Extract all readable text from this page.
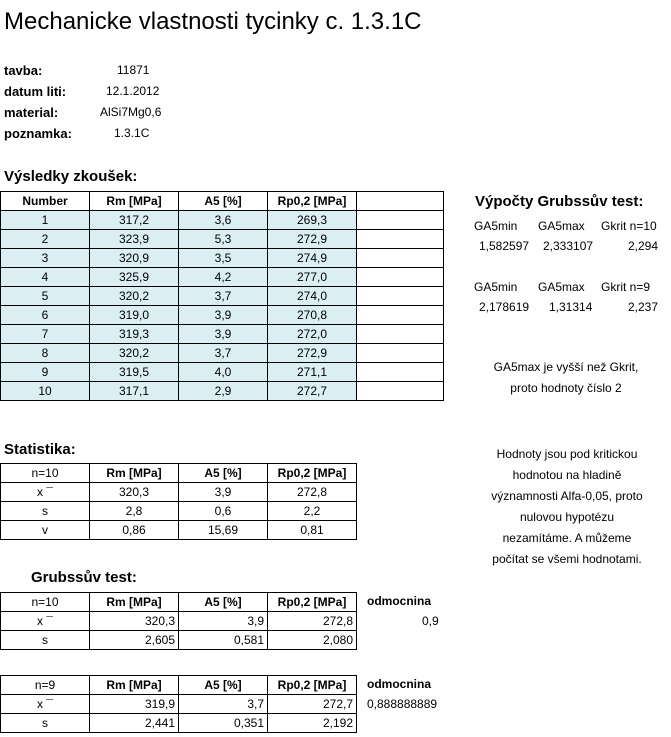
Mechanicke vlastnosti tycinky c. 1.3.1C
tavba:	11871
datum liti:	12.1.2012
material:	AlSi7Mg0,6
poznamka:	1.3.1C
Výsledky zkoušek:
Number	Rm [MPa]	A5 [%]	Rp0,2 [MPa]	
1	317,2	3,6	269,3	
2	323,9	5,3	272,9	
3	320,9	3,5	274,9	
4	325,9	4,2	277,0	
5	320,2	3,7	274,0	
6	319,0	3,9	270,8	
7	319,3	3,9	272,0	
8	320,2	3,7	272,9	
9	319,5	4,0	271,1	
10	317,1	2,9	272,7	
Statistika:
n=10	Rm [MPa]	A5 [%]	Rp0,2 [MPa]
x ¯	320,3	3,9	272,8
s	2,8	0,6	2,2
v	0,86	15,69	0,81
Grubssův test:
n=10	Rm [MPa]	A5 [%]	Rp0,2 [MPa]
x ¯	320,3	3,9	272,8
s	2,605	0,581	2,080
odmocnina
0,9
n=9	Rm [MPa]	A5 [%]	Rp0,2 [MPa]
x ¯	319,9	3,7	272,7
s	2,441	0,351	2,192
odmocnina
0,888888889
Výpočty Grubssův test:
GA5min GA5max Gkrit n=10
1,582597 2,333107	2,294
GA5min GA5max Gkrit n=9
2,178619 1,31314	2,237
GA5max je vyšší než Gkrit,
proto hodnoty číslo 2
Hodnoty jsou pod kritickou
hodnotou na hladině
významnosti Alfa-0,05, proto
nulovou hypotézu
nezamítáme. A můžeme
počítat se všemi hodnotami.
